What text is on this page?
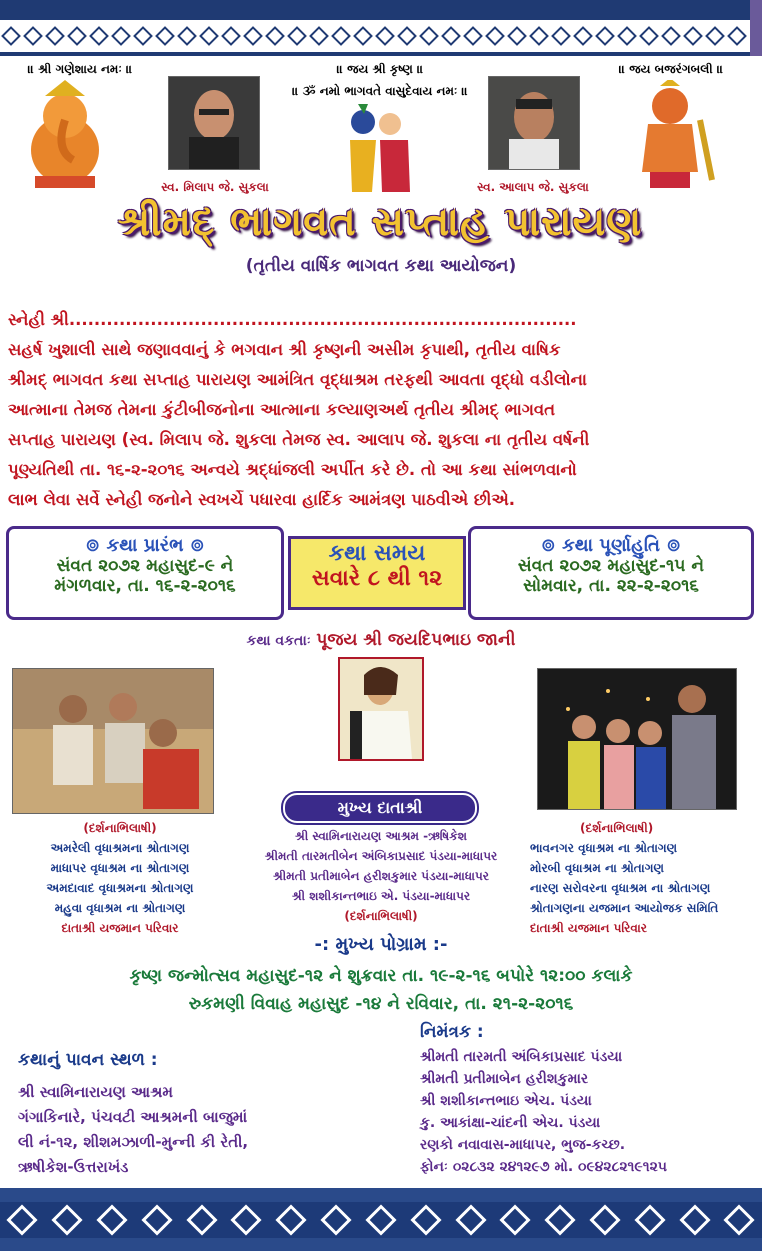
॥ શ્રી ગણેશાય નમઃ ॥	॥ જય શ્રી કૃષ્ણ ॥
॥ ૐ નમો ભાગવતે વાસુદેવાય નમઃ ॥
॥ જય બજરંગબલી ॥
સ્વ. મિલાપ જે. સુકલા	સ્વ. આલાપ જે. સુકલા
શ્રીમદ્ ભાગવત સપ્તાહ પારાયણ
(તૃતીય વાર્ષિક ભાગવત કથા આયોજન)
સ્નેહી શ્રી.................................................................................
સહર્ષ ખુશાલી સાથે જણાવવાનું કે ભગવાન શ્રી કૃષ્ણની અસીમ કૃપાથી, તૃતીય વાષિક
શ્રીમદ્ ભાગવત કથા સપ્તાહ પારાયણ આમંત્રિત વૃદ્ધાશ્રમ તરફથી આવતા વૃદ્ધો વડીલોના
આત્માના તેમજ તેમના કુંટીબીજનોના આત્માના કલ્યાણઅર્થ તૃતીય શ્રીમદ્ ભાગવત
સપ્તાહ પારાયણ (સ્વ. મિલાપ જે. શુકલા તેમજ સ્વ. આલાપ જે. શુકલા ના તૃતીય વર્ષની
પૂણ્યતિથી તા. ૧૬-૨-૨૦૧૬ અન્વયે શ્રદ્ધાંજલી અર્પીત કરે છે. તો આ કથા સાંભળવાનો
લાભ લેવા સર્વે સ્નેહી જનોને સ્વખર્ચે પધારવા હાર્દિક આમંત્રણ પાઠવીએ છીએ.
⊚ કથા પ્રારંભ ⊚
સંવત ૨૦૭૨ મહાસુદ-૯ ને
મંગળવાર, તા. ૧૬-૨-૨૦૧૬
કથા સમય
સવારે ૮ થી ૧૨
⊚ કથા પૂર્ણાહુતિ ⊚
સંવત ૨૦૭૨ મહાસુદ-૧૫ ને
સોમવાર, તા. ૨૨-૨-૨૦૧૬
કથા વકતાઃ પૂજય શ્રી જયદિપભાઇ જાની
(દર્શનાભિલાષી)
અમરેલી વૃધાશ્રમના શ્રોતાગણ
માધાપર વૃધાશ્રમ ના શ્રોતાગણ
અમદાવાદ વૃધાશ્રમના શ્રોતાગણ
મહુવા વૃધાશ્રમ ના શ્રોતાગણ
દાતાશ્રી યજમાન પરિવાર
મુખ્ય દાતાશ્રી
શ્રી સ્વામિનારાયણ આશ્રમ -ઋષિકેશ
શ્રીમતી તારમતીબેન અંબિકાપ્રસાદ પંડયા-માધાપર
શ્રીમતી પ્રતીમાબેન હરીશકુમાર પંડયા-માધાપર
શ્રી શશીકાન્તભાઇ એ. પંડયા-માધાપર
(દર્શનાભિલાષી)
(દર્શનાભિલાષી)
ભાવનગર વૃધાશ્રમ ના શ્રોતાગણ
મોરબી વૃધાશ્રમ ના શ્રોતાગણ
નારણ સરોવરના વૃધાશ્રમ ના શ્રોતાગણ
શ્રોતાગણના યજમાન આયોજક સમિતિ
દાતાશ્રી યજમાન પરિવાર
-: મુખ્ય પોગ્રામ :-
કૃષ્ણ જન્મોત્સવ મહાસુદ-૧૨ ને શુક્રવાર તા. ૧૯-૨-૧૬ બપોરે ૧૨:૦૦ કલાકે
રુકમણી વિવાહ મહાસુદ -૧૪ ને રવિવાર, તા. ૨૧-૨-૨૦૧૬
કથાનું પાવન સ્થળ :
શ્રી સ્વામિનારાયણ આશ્રમ
ગંગાકિનારે, પંચવટી આશ્રમની બાજુમાં
લી નં-૧૨, શીશમઝાળી-મુન્ની કી રેતી,
ઋષીકેશ-ઉત્તરાખંડ
નિમંત્રક :
શ્રીમતી તારમતી અંબિકાપ્રસાદ પંડયા
શ્રીમતી પ્રતીમાબેન હરીશકુમાર
શ્રી શશીકાન્તભાઇ એચ. પંડયા
કુ. આકાંક્ષા-ચાંદની એચ. પંડયા
રણકો નવાવાસ-માધાપર, ભુજ-કચ્છ.
ફોનઃ ૦૨૮૩૨ ૨૪૧૨૯૭ મો. ૦૯૪૨૮૨૧૯૧૨૫
